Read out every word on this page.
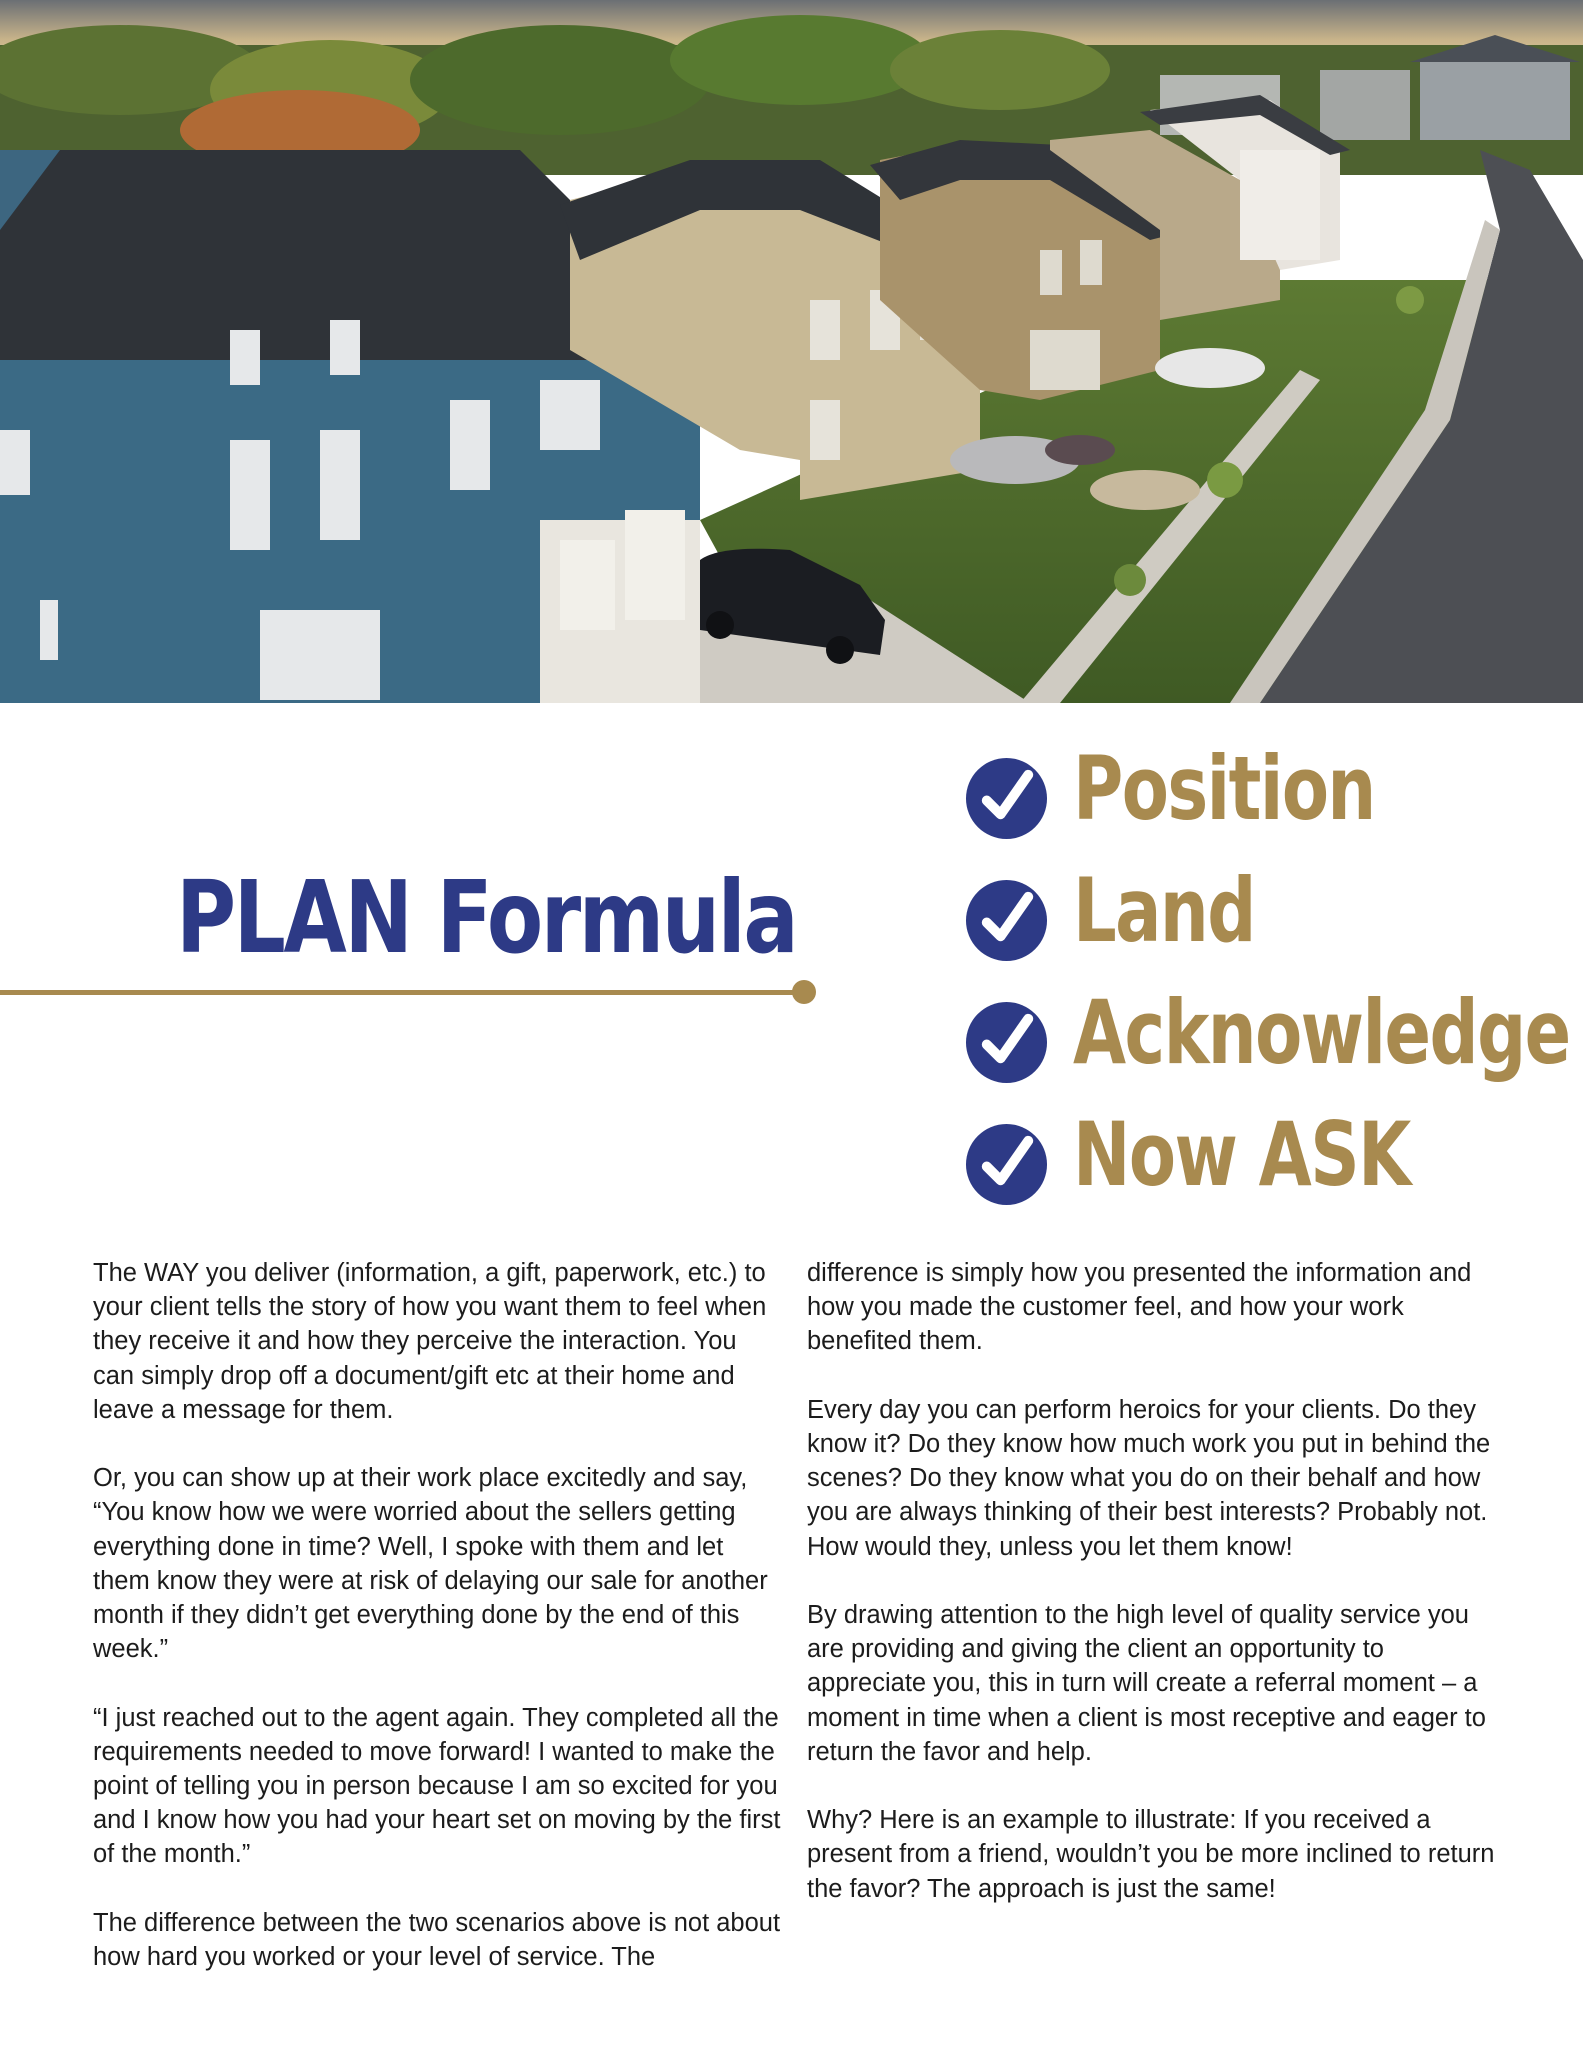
PLAN Formula
Position
Land
Acknowledge
Now ASK

The WAY you deliver (information, a gift, paperwork, etc.) to your client tells the story of how you want them to feel when they receive it and how they perceive the interaction. You can simply drop off a document/gift etc at their home and leave a message for them.

Or, you can show up at their work place excitedly and say, “You know how we were worried about the sellers getting everything done in time? Well, I spoke with them and let them know they were at risk of delaying our sale for another month if they didn’t get everything done by the end of this week.”

“I just reached out to the agent again. They completed all the requirements needed to move forward! I wanted to make the point of telling you in person because I am so excited for you and I know how you had your heart set on moving by the first of the month.”

The difference between the two scenarios above is not about how hard you worked or your level of service. The

difference is simply how you presented the information and how you made the customer feel, and how your work benefited them.

Every day you can perform heroics for your clients. Do they know it? Do they know how much work you put in behind the scenes? Do they know what you do on their behalf and how you are always thinking of their best interests? Probably not. How would they, unless you let them know!

By drawing attention to the high level of quality service you are providing and giving the client an opportunity to appreciate you, this in turn will create a referral moment – a moment in time when a client is most receptive and eager to return the favor and help.

Why? Here is an example to illustrate: If you received a present from a friend, wouldn’t you be more inclined to return the favor? The approach is just the same!
